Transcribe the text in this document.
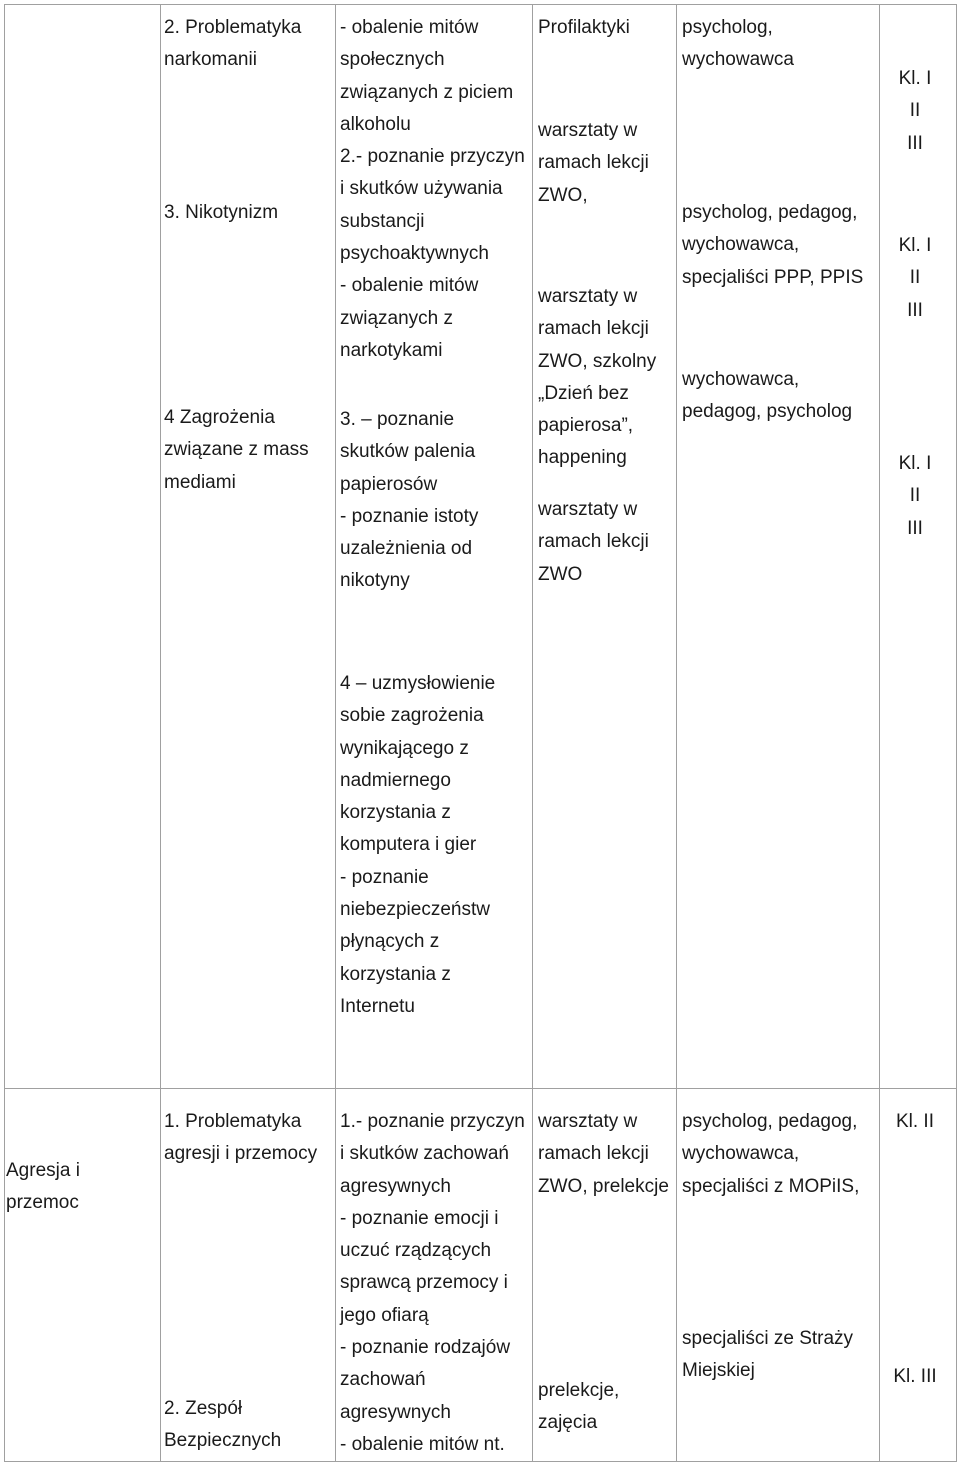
2. Problematyka
narkomanii
3. Nikotynizm
4 Zagrożenia
związane z mass
mediami
- obalenie mitów
społecznych
związanych z piciem
alkoholu
2.- poznanie przyczyn
i skutków używania
substancji
psychoaktywnych
- obalenie mitów
związanych z
narkotykami
3. – poznanie
skutków palenia
papierosów
- poznanie istoty
uzależnienia od
nikotyny
4 – uzmysłowienie
sobie zagrożenia
wynikającego z
nadmiernego
korzystania z
komputera i gier
- poznanie
niebezpieczeństw
płynących z
korzystania z
Internetu
Profilaktyki
warsztaty w
ramach lekcji
ZWO,
warsztaty w
ramach lekcji
ZWO, szkolny
„Dzień bez
papierosa”,
happening
warsztaty w
ramach lekcji
ZWO
psycholog,
wychowawca
psycholog, pedagog,
wychowawca,
specjaliści PPP, PPIS
wychowawca,
pedagog, psycholog
Kl. I
II
III
Kl. I
II
III
Kl. I
II
III
Agresja i
przemoc
1. Problematyka
agresji i przemocy
2. Zespół
Bezpiecznych
1.- poznanie przyczyn
i skutków zachowań
agresywnych
- poznanie emocji i
uczuć rządzących
sprawcą przemocy i
jego ofiarą
- poznanie rodzajów
zachowań
agresywnych
- obalenie mitów nt.
warsztaty w
ramach lekcji
ZWO, prelekcje
prelekcje,
zajęcia
psycholog, pedagog,
wychowawca,
specjaliści z MOPiIS,
specjaliści ze Straży
Miejskiej
Kl. II
Kl. III
